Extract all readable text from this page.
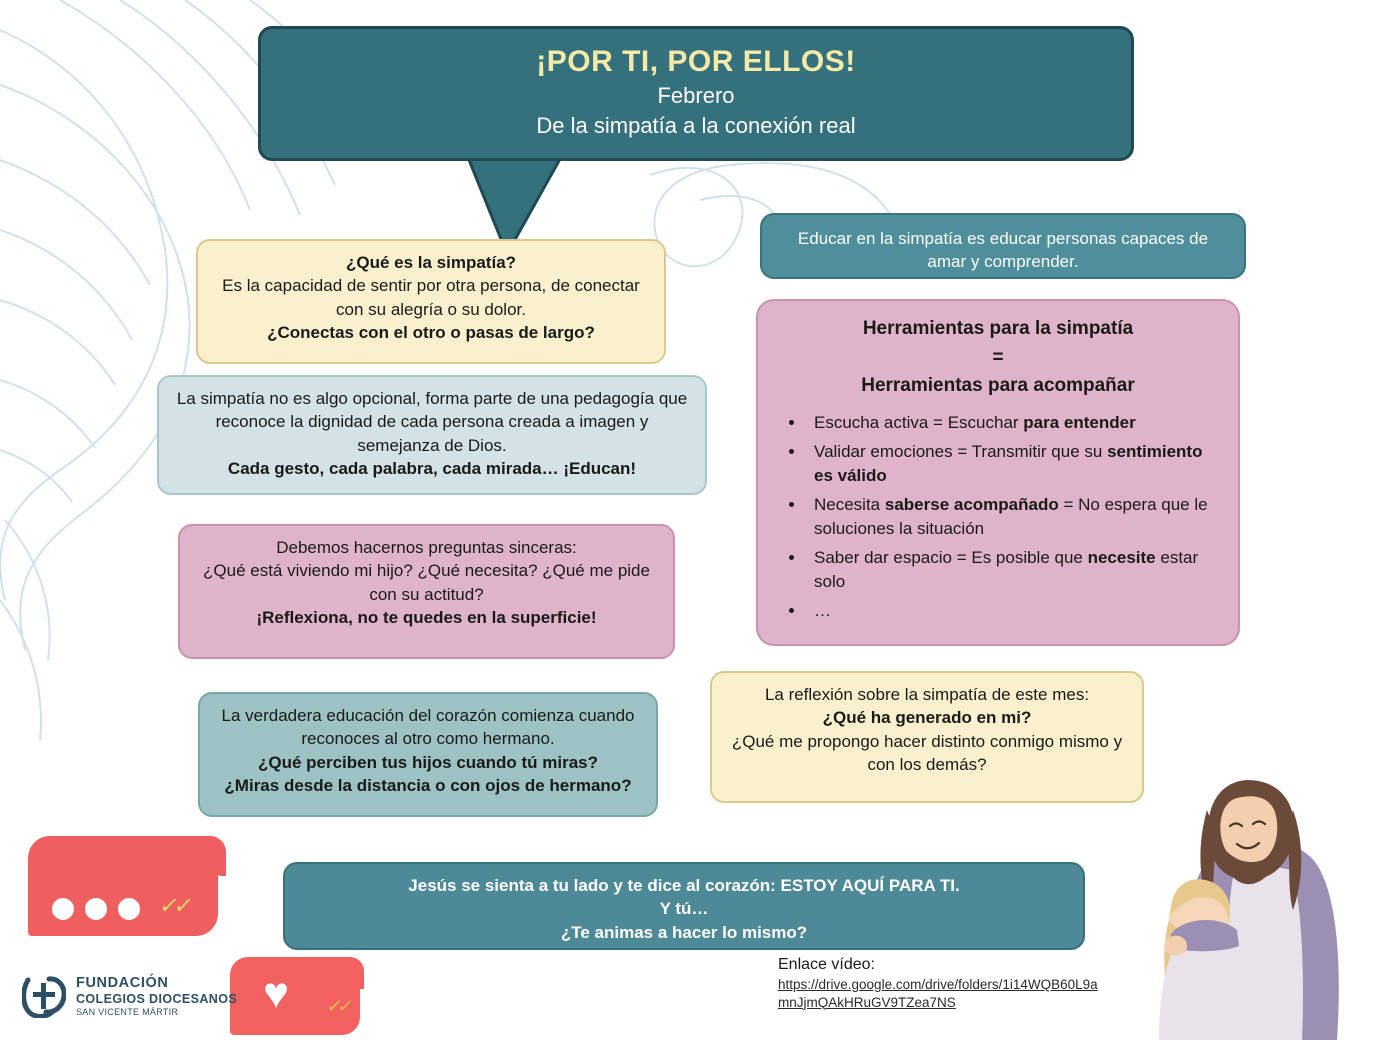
¡POR TI, POR ELLOS!
Febrero
De la simpatía a la conexión real
¿Qué es la simpatía?
Es la capacidad de sentir por otra persona, de conectar con su alegría o su dolor.
¿Conectas con el otro o pasas de largo?
La simpatía no es algo opcional, forma parte de una pedagogía que reconoce la dignidad de cada persona creada a imagen y semejanza de Dios.
Cada gesto, cada palabra, cada mirada… ¡Educan!
Debemos hacernos preguntas sinceras:
¿Qué está viviendo mi hijo? ¿Qué necesita? ¿Qué me pide con su actitud?
¡Reflexiona, no te quedes en la superficie!
La verdadera educación del corazón comienza cuando reconoces al otro como hermano.
¿Qué perciben tus hijos cuando tú miras?
¿Miras desde la distancia o con ojos de hermano?
Educar en la simpatía es educar personas capaces de amar y comprender.
Herramientas para la simpatía
=
Herramientas para acompañar
• Escucha activa = Escuchar para entender
• Validar emociones = Transmitir que su sentimiento es válido
• Necesita saberse acompañado = No espera que le soluciones la situación
• Saber dar espacio = Es posible que necesite estar solo
• …
La reflexión sobre la simpatía de este mes:
¿Qué ha generado en mi?
¿Qué me propongo hacer distinto conmigo mismo y con los demás?
Jesús se sienta a tu lado y te dice al corazón: ESTOY AQUÍ PARA TI.
Y tú…
¿Te animas a hacer lo mismo?
✓✓
♥ ✓✓
FUNDACIÓN
COLEGIOS DIOCESANOS
SAN VICENTE MÁRTIR
Enlace vídeo:
https://drive.google.com/drive/folders/1i14WQB60L9amnJjmQAkHRuGV9TZea7NS
